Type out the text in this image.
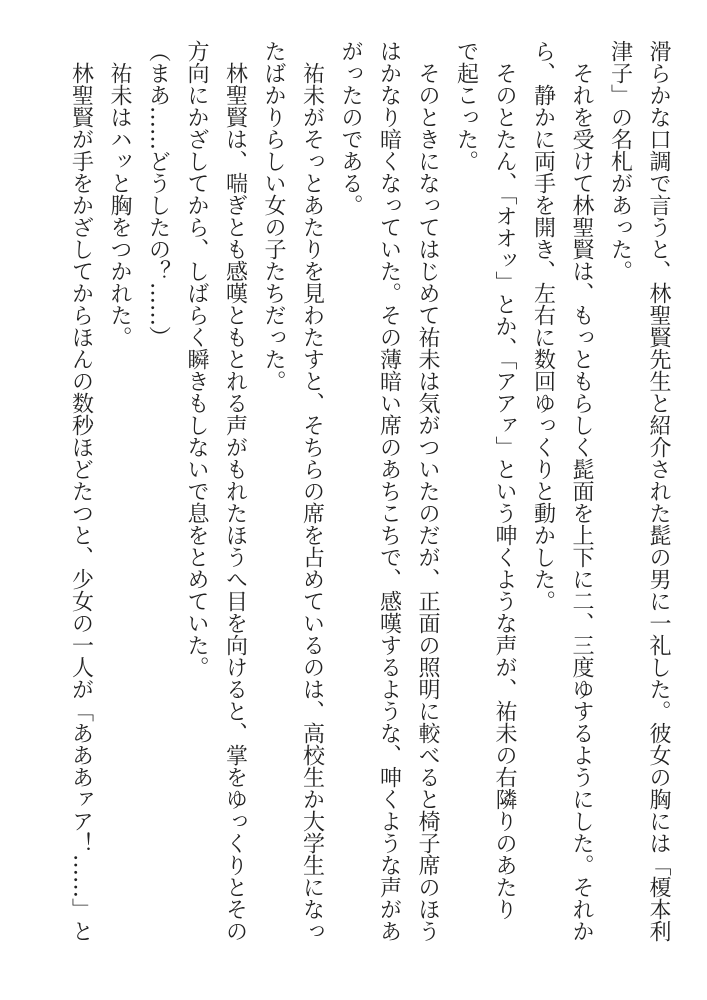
滑らかな口調で言うと、林聖賢先生と紹介された髭の男に一礼した。彼女の胸には「榎本利
津子」の名札があった。
　それを受けて林聖賢は、もっともらしく髭面を上下に二、三度ゆするようにした。それか
ら、静かに両手を開き、左右に数回ゆっくりと動かした。
　そのとたん、「オオッ」とか、「アアァ」という呻くような声が、祐未の右隣りのあたり
で起こった。
　そのときになってはじめて祐未は気がついたのだが、正面の照明に較べると椅子席のほう
はかなり暗くなっていた。その薄暗い席のあちこちで、感嘆するような、呻くような声があ
がったのである。
　祐未がそっとあたりを見わたすと、そちらの席を占めているのは、高校生か大学生になっ
たばかりらしい女の子たちだった。
　林聖賢は、喘ぎとも感嘆ともとれる声がもれたほうへ目を向けると、掌をゆっくりとその
方向にかざしてから、しばらく瞬きもしないで息をとめていた。
（まあ……どうしたの？……）
　祐未はハッと胸をつかれた。
　林聖賢が手をかざしてからほんの数秒ほどたつと、少女の一人が「あああァア！……」と
